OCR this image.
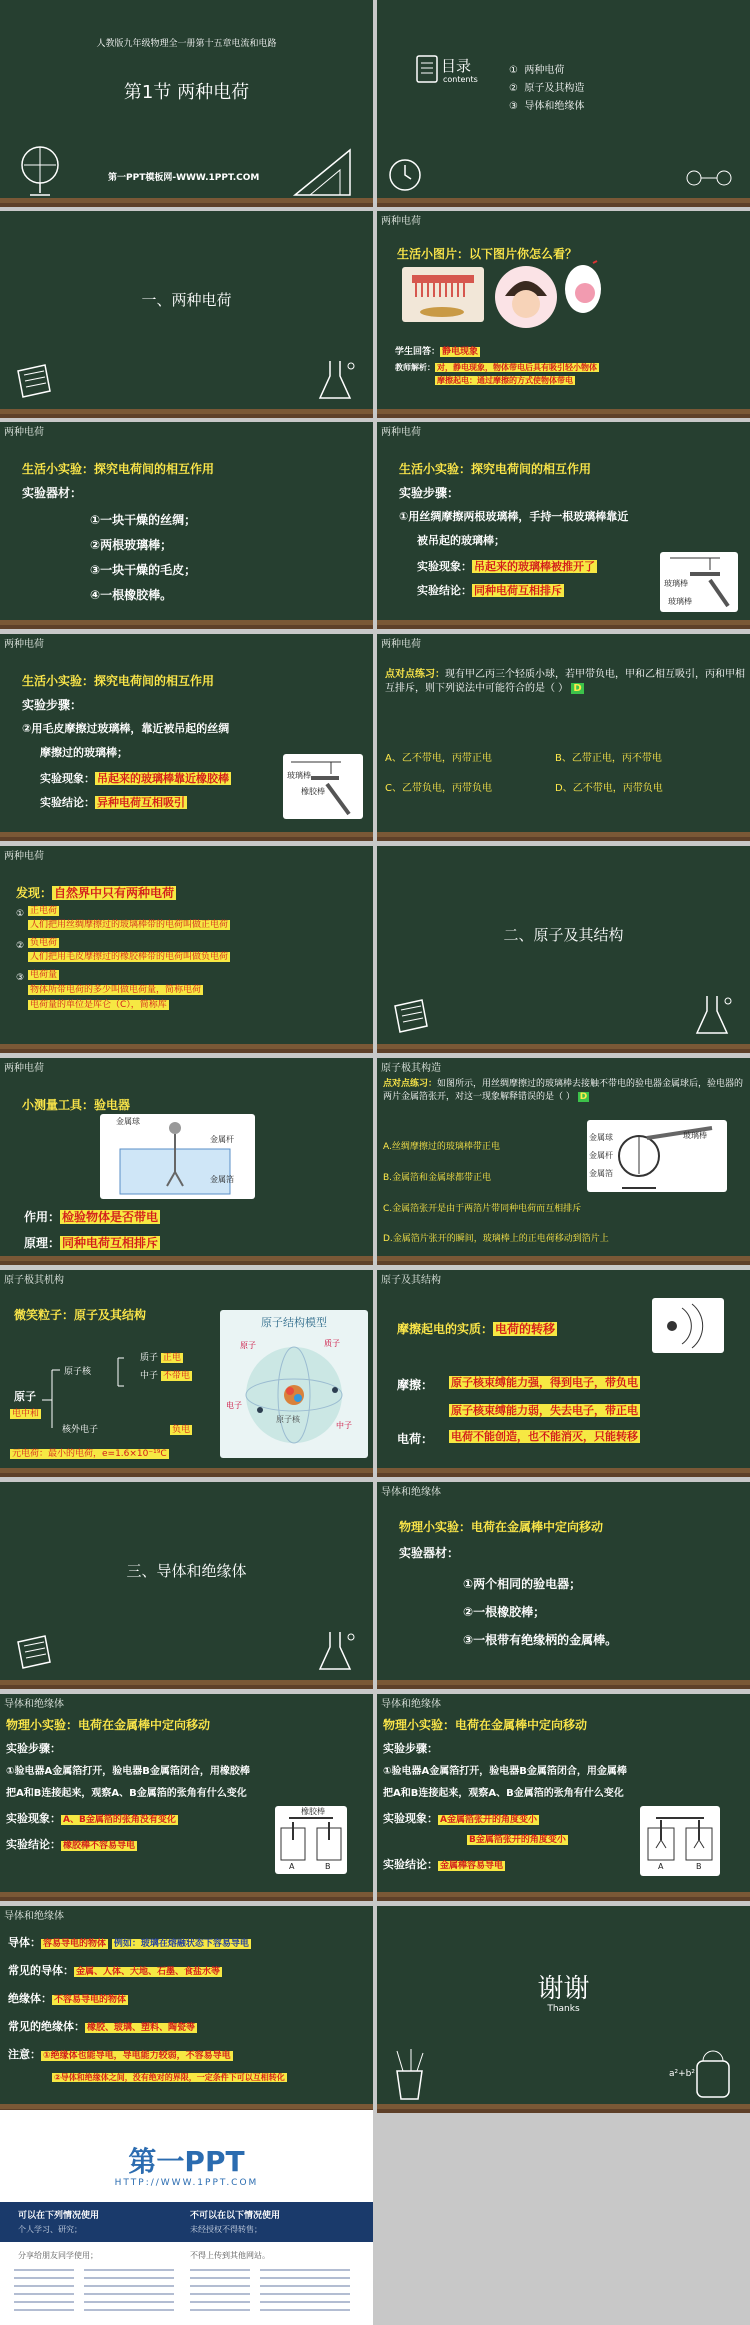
人教版九年级物理全一册第十五章电流和电路
第1节 两种电荷
第一PPT模板网-WWW.1PPT.COM
目录
contents
① 两种电荷
② 原子及其构造
③ 导体和绝缘体
一、两种电荷
两种电荷
生活小图片：以下图片你怎么看？
学生回答： 静电现象
教师解析： 对，静电现象，物体带电后具有吸引轻小物体
摩擦起电：通过摩擦的方式使物体带电
两种电荷
生活小实验：探究电荷间的相互作用
实验器材：
①一块干燥的丝绸；
②两根玻璃棒；
③一块干燥的毛皮；
④一根橡胶棒。
两种电荷
生活小实验：探究电荷间的相互作用
实验步骤：
①用丝绸摩擦两根玻璃棒，手持一根玻璃棒靠近
被吊起的玻璃棒；
实验现象： 吊起来的玻璃棒被推开了
实验结论： 同种电荷互相排斥
玻璃棒
玻璃棒
两种电荷
生活小实验：探究电荷间的相互作用
实验步骤：
②用毛皮摩擦过玻璃棒，靠近被吊起的丝绸
摩擦过的玻璃棒；
实验现象： 吊起来的玻璃棒靠近橡胶棒
实验结论： 异种电荷互相吸引
玻璃棒
橡胶棒
两种电荷
点对点练习：现有甲乙丙三个轻质小球，若甲带负电，甲和乙相互吸引，丙和甲相互排斥，则下列说法中可能符合的是（ ） D
A、乙不带电，丙带正电	B、乙带正电，丙不带电
C、乙带负电，丙带负电	D、乙不带电，丙带负电
两种电荷
发现： 自然界中只有两种电荷
① 正电荷
人们把用丝绸摩擦过的玻璃棒带的电荷叫做正电荷
② 负电荷
人们把用毛皮摩擦过的橡胶棒带的电荷叫做负电荷
③ 电荷量
物体所带电荷的多少叫做电荷量，简称电荷
电荷量的单位是库仑（C），简称库
二、原子及其结构
两种电荷
小测量工具：验电器
金属球
金属杆
金属箔
作用： 检验物体是否带电
原理： 同种电荷互相排斥
原子极其构造
点对点练习：如图所示，用丝绸摩擦过的玻璃棒去接触不带电的验电器金属球后，验电器的两片金属箔张开，对这一现象解释错误的是（ ） D
玻璃棒
金属球
金属杆
金属箔
A.丝绸摩擦过的玻璃棒带正电
B.金属箔和金属球都带正电
C.金属箔张开是由于两箔片带同种电荷而互相排斥
D.金属箔片张开的瞬间，玻璃棒上的正电荷移动到箔片上
原子极其机构
微笑粒子：原子及其结构
原子
电中和
原子核
质子 正电
中子 不带电
核外电子	负电
元电荷：最小的电荷，e=1.6×10⁻¹⁹C
原子结构模型
质子
原子
原子核
中子
电子
原子及其结构
摩擦起电的实质： 电荷的转移
摩擦： 原子核束缚能力强，得到电子，带负电
原子核束缚能力弱，失去电子，带正电
电荷： 电荷不能创造，也不能消灭，只能转移
三、导体和绝缘体
导体和绝缘体
物理小实验：电荷在金属棒中定向移动
实验器材：
①两个相同的验电器；
②一根橡胶棒；
③一根带有绝缘柄的金属棒。
导体和绝缘体
物理小实验：电荷在金属棒中定向移动
实验步骤：
①验电器A金属箔打开，验电器B金属箔闭合，用橡胶棒
把A和B连接起来，观察A、B金属箔的张角有什么变化
实验现象： A、B金属箔的张角没有变化
实验结论： 橡胶棒不容易导电
橡胶棒
A	B
导体和绝缘体
物理小实验：电荷在金属棒中定向移动
实验步骤：
①验电器A金属箔打开，验电器B金属箔闭合，用金属棒
把A和B连接起来，观察A、B金属箔的张角有什么变化
实验现象： A金属箔张开的角度变小
B金属箔张开的角度变小
实验结论： 金属棒容易导电	A	B
导体和绝缘体
导体： 容易导电的物体 例如：玻璃在熔融状态下容易导电
常见的导体： 金属、人体、大地、石墨、食盐水等
绝缘体： 不容易导电的物体
常见的绝缘体： 橡胶、玻璃、塑料、陶瓷等
注意： ①绝缘体也能导电，导电能力较弱，不容易导电
②导体和绝缘体之间，没有绝对的界限，一定条件下可以互相转化
谢谢
Thanks
a²+b²
第一PPT
HTTP://WWW.1PPT.COM
可以在下列情况使用
个人学习、研究；
不可以在以下情况使用
未经授权不得转售；
分享给朋友同学使用；	不得上传到其他网站。
